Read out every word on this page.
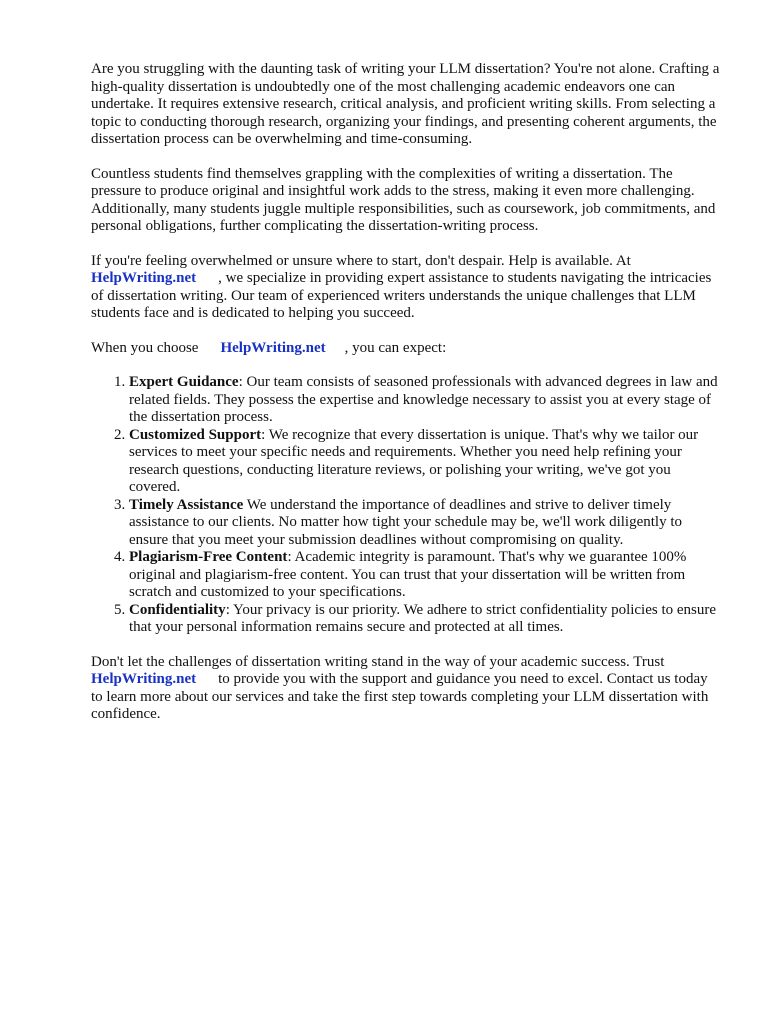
Are you struggling with the daunting task of writing your LLM dissertation? You're not alone. Crafting a high-quality dissertation is undoubtedly one of the most challenging academic endeavors one can undertake. It requires extensive research, critical analysis, and proficient writing skills. From selecting a topic to conducting thorough research, organizing your findings, and presenting coherent arguments, the dissertation process can be overwhelming and time-consuming.

Countless students find themselves grappling with the complexities of writing a dissertation. The pressure to produce original and insightful work adds to the stress, making it even more challenging. Additionally, many students juggle multiple responsibilities, such as coursework, job commitments, and personal obligations, further complicating the dissertation-writing process.

If you're feeling overwhelmed or unsure where to start, don't despair. Help is available. At
HelpWriting.net , we specialize in providing expert assistance to students navigating the intricacies of dissertation writing. Our team of experienced writers understands the unique challenges that LLM students face and is dedicated to helping you succeed.

When you choose HelpWriting.net , you can expect:

1. Expert Guidance: Our team consists of seasoned professionals with advanced degrees in law and related fields. They possess the expertise and knowledge necessary to assist you at every stage of the dissertation process.
2. Customized Support: We recognize that every dissertation is unique. That's why we tailor our services to meet your specific needs and requirements. Whether you need help refining your research questions, conducting literature reviews, or polishing your writing, we've got you covered.
3. Timely Assistance We understand the importance of deadlines and strive to deliver timely assistance to our clients. No matter how tight your schedule may be, we'll work diligently to ensure that you meet your submission deadlines without compromising on quality.
4. Plagiarism-Free Content: Academic integrity is paramount. That's why we guarantee 100% original and plagiarism-free content. You can trust that your dissertation will be written from scratch and customized to your specifications.
5. Confidentiality: Your privacy is our priority. We adhere to strict confidentiality policies to ensure that your personal information remains secure and protected at all times.

Don't let the challenges of dissertation writing stand in the way of your academic success. Trust
HelpWriting.net to provide you with the support and guidance you need to excel. Contact us today to learn more about our services and take the first step towards completing your LLM dissertation with confidence.
